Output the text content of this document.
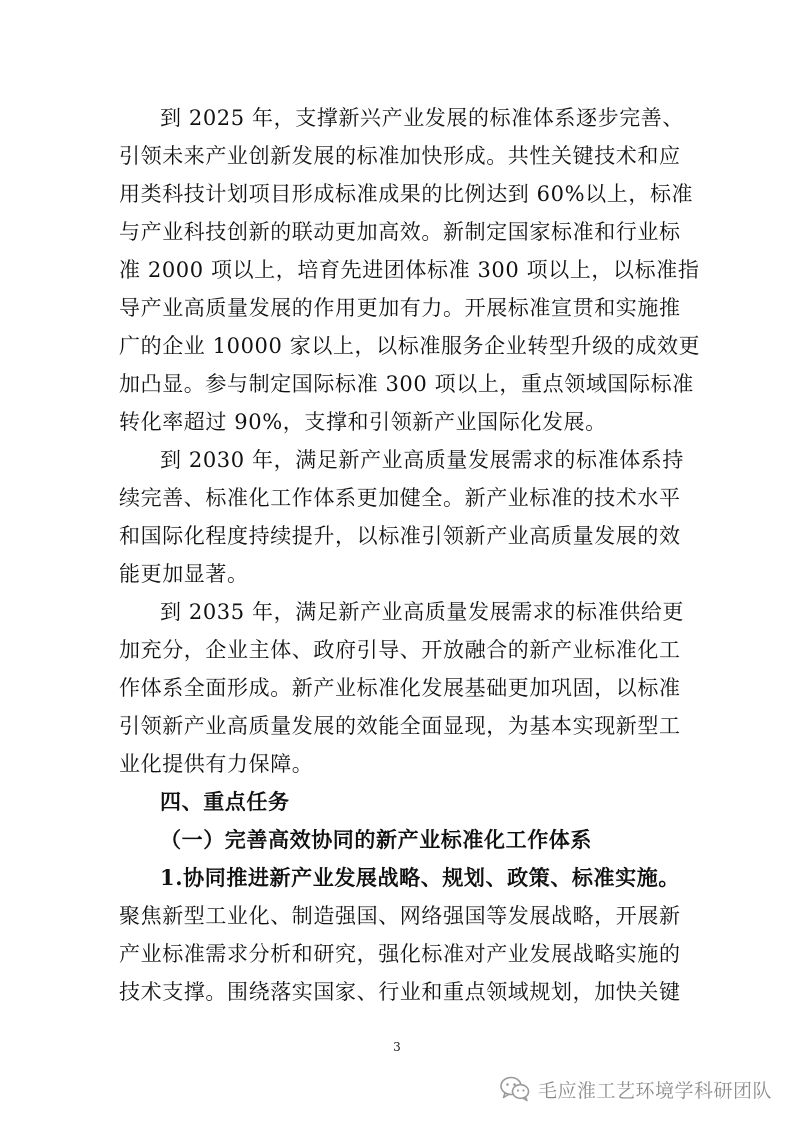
到 2025 年，支撑新兴产业发展的标准体系逐步完善、
引领未来产业创新发展的标准加快形成。共性关键技术和应
用类科技计划项目形成标准成果的比例达到 60%以上，标准
与产业科技创新的联动更加高效。新制定国家标准和行业标
准 2000 项以上，培育先进团体标准 300 项以上，以标准指
导产业高质量发展的作用更加有力。开展标准宣贯和实施推
广的企业 10000 家以上，以标准服务企业转型升级的成效更
加凸显。参与制定国际标准 300 项以上，重点领域国际标准
转化率超过 90%，支撑和引领新产业国际化发展。
到 2030 年，满足新产业高质量发展需求的标准体系持
续完善、标准化工作体系更加健全。新产业标准的技术水平
和国际化程度持续提升，以标准引领新产业高质量发展的效
能更加显著。
到 2035 年，满足新产业高质量发展需求的标准供给更
加充分，企业主体、政府引导、开放融合的新产业标准化工
作体系全面形成。新产业标准化发展基础更加巩固，以标准
引领新产业高质量发展的效能全面显现，为基本实现新型工
业化提供有力保障。
四、重点任务
（一）完善高效协同的新产业标准化工作体系
1.协同推进新产业发展战略、规划、政策、标准实施。
聚焦新型工业化、制造强国、网络强国等发展战略，开展新
产业标准需求分析和研究，强化标准对产业发展战略实施的
技术支撑。围绕落实国家、行业和重点领域规划，加快关键
3
毛应淮工艺环境学科研团队
